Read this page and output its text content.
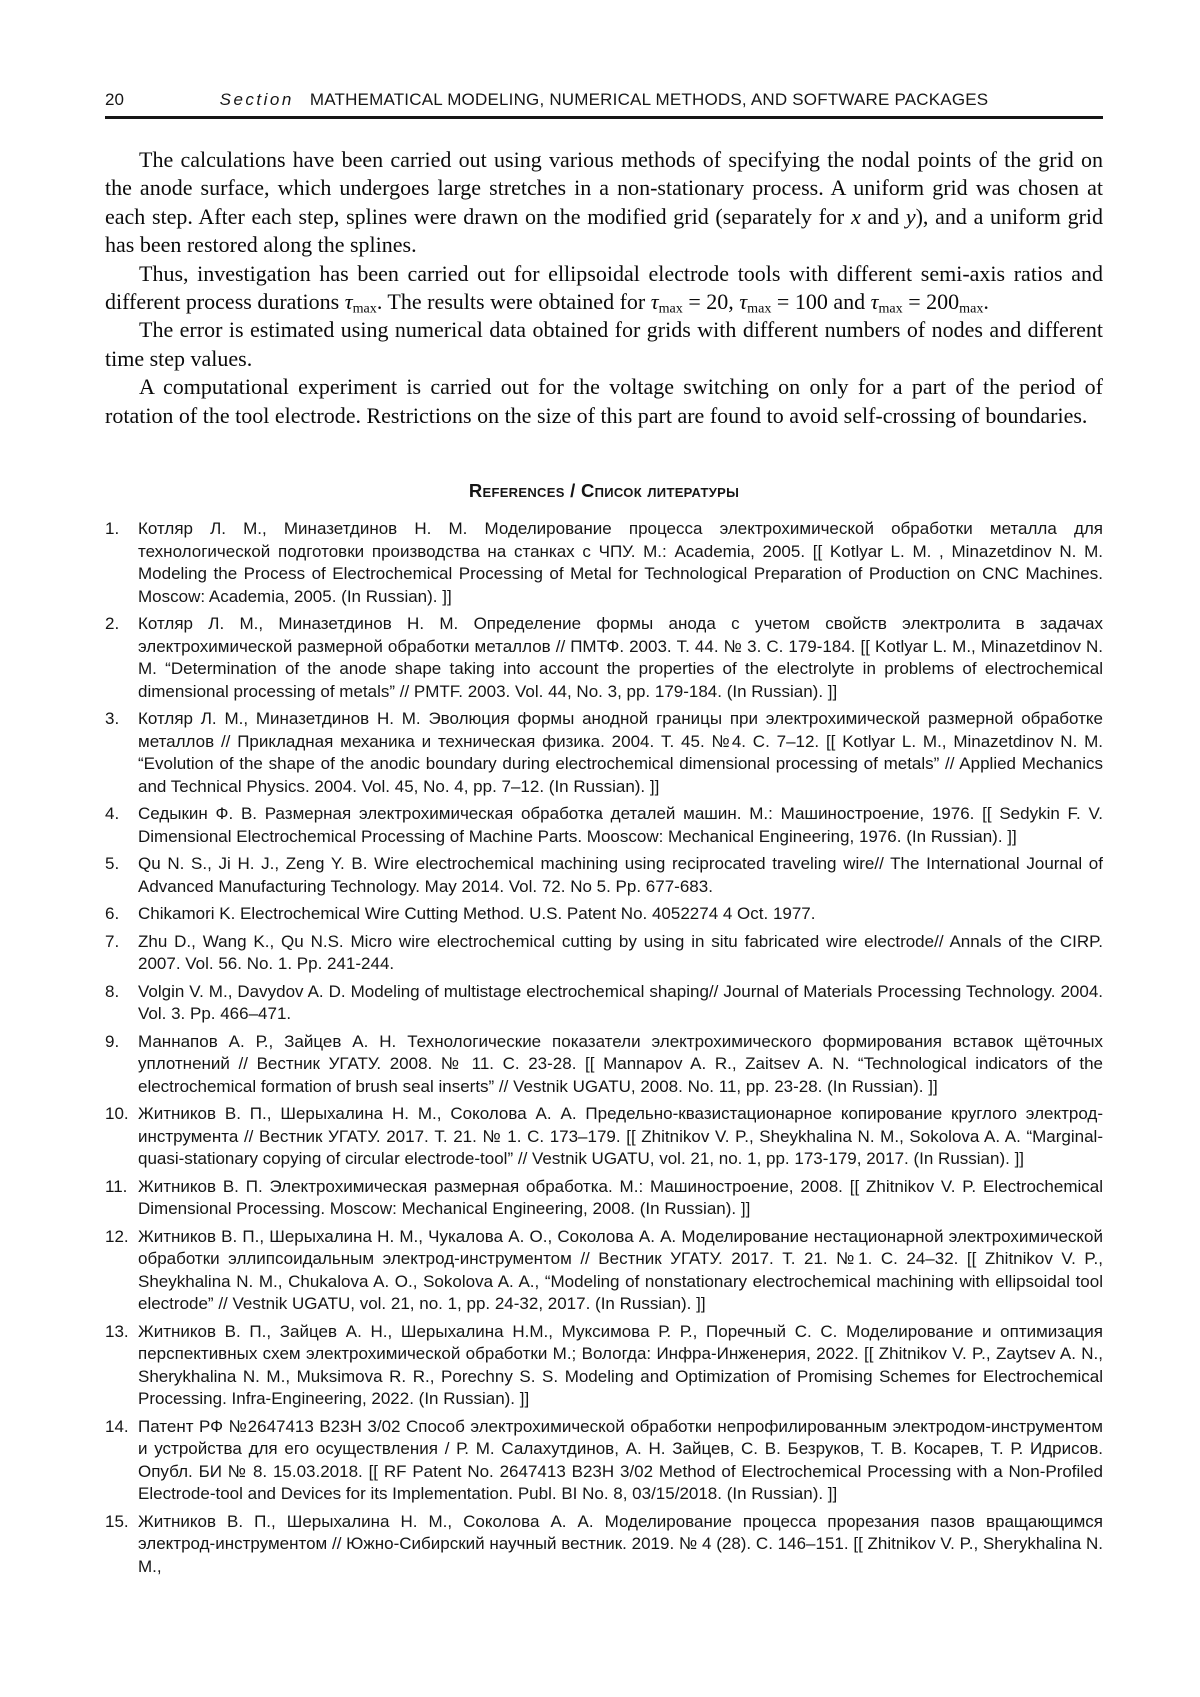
20	Section MATHEMATICAL MODELING, NUMERICAL METHODS, AND SOFTWARE PACKAGES

The calculations have been carried out using various methods of specifying the nodal points of the grid on the anode surface, which undergoes large stretches in a non-stationary process. A uniform grid was chosen at each step. After each step, splines were drawn on the modified grid (separately for x and y), and a uniform grid has been restored along the splines.

Thus, investigation has been carried out for ellipsoidal electrode tools with different semi-axis ratios and different process durations $\tau_{max}$. The results were obtained for $\tau_{max} = 20$, $\tau_{max} = 100$ and $\tau_{max} = 200_{max}$.

The error is estimated using numerical data obtained for grids with different numbers of nodes and different time step values.

A computational experiment is carried out for the voltage switching on only for a part of the period of rotation of the tool electrode. Restrictions on the size of this part are found to avoid self-crossing of boundaries.

References / Список литературы
1.	Котляр Л. М., Миназетдинов Н. М. Моделирование процесса электрохимической обработки металла для технологической подготовки производства на станках с ЧПУ. М.: Academia, 2005. [[ Kotlyar L. M. , Minazetdinov N. M. Modeling the Process of Electrochemical Processing of Metal for Technological Preparation of Production on CNC Machines. Moscow: Academia, 2005. (In Russian). ]]
2.	Котляр Л. М., Миназетдинов Н. М. Определение формы анода с учетом свойств электролита в задачах электрохимической размерной обработки металлов // ПМТФ. 2003. Т. 44. № 3. С. 179-184. [[ Kotlyar L. M., Minazetdinov N. M. “Determination of the anode shape taking into account the properties of the electrolyte in problems of electrochemical dimensional processing of metals” // PMTF. 2003. Vol. 44, No. 3, pp. 179-184. (In Russian). ]]
3.	Котляр Л. М., Миназетдинов Н. М. Эволюция формы анодной границы при электрохимической размерной обработке металлов // Прикладная механика и техническая физика. 2004. Т. 45. №4. С. 7–12. [[ Kotlyar L. M., Minazetdinov N. M. “Evolution of the shape of the anodic boundary during electrochemical dimensional processing of metals” // Applied Mechanics and Technical Physics. 2004. Vol. 45, No. 4, pp. 7–12. (In Russian). ]]
4.	Седыкин Ф. В. Размерная электрохимическая обработка деталей машин. М.: Машиностроение, 1976. [[ Sedykin F. V. Dimensional Electrochemical Processing of Machine Parts. Mooscow: Mechanical Engineering, 1976. (In Russian). ]]
5.	Qu N. S., Ji H. J., Zeng Y. B. Wire electrochemical machining using reciprocated traveling wire// The International Journal of Advanced Manufacturing Technology. May 2014. Vol. 72. No 5. Pp. 677-683.
6.	Chikamori K. Electrochemical Wire Cutting Method. U.S. Patent No. 4052274 4 Oct. 1977.
7.	Zhu D., Wang K., Qu N.S. Micro wire electrochemical cutting by using in situ fabricated wire electrode// Annals of the CIRP. 2007. Vol. 56. No. 1. Pp. 241-244.
8.	Volgin V. M., Davydov A. D. Modeling of multistage electrochemical shaping// Journal of Materials Processing Technology. 2004. Vol. 3. Pp. 466–471.
9.	Маннапов А. Р., Зайцев А. Н. Технологические показатели электрохимического формирования вставок щёточных уплотнений // Вестник УГАТУ. 2008. № 11. С. 23-28. [[ Mannapov A. R., Zaitsev A. N. “Technological indicators of the electrochemical formation of brush seal inserts” // Vestnik UGATU, 2008. No. 11, pp. 23-28. (In Russian). ]]
10. Житников В. П., Шерыхалина Н. М., Соколова А. А. Предельно-квазистационарное копирование круглого электрод-инструмента // Вестник УГАТУ. 2017. Т. 21. № 1. С. 173–179. [[ Zhitnikov V. P., Sheykhalina N. M., Sokolova A. A. “Marginal-quasi-stationary copying of circular electrode-tool” // Vestnik UGATU, vol. 21, no. 1, pp. 173-179, 2017. (In Russian). ]]
11. Житников В. П. Электрохимическая размерная обработка. М.: Машиностроение, 2008. [[ Zhitnikov V. P. Electrochemical Dimensional Processing. Moscow: Mechanical Engineering, 2008. (In Russian). ]]
12. Житников В. П., Шерыхалина Н. М., Чукалова А. О., Соколова А. А. Моделирование нестационарной электрохимической обработки эллипсоидальным электрод-инструментом // Вестник УГАТУ. 2017. Т. 21. №1. С. 24–32. [[ Zhitnikov V. P., Sheykhalina N. M., Chukalova A. O., Sokolova A. A., “Modeling of nonstationary electrochemical machining with ellipsoidal tool electrode” // Vestnik UGATU, vol. 21, no. 1, pp. 24-32, 2017. (In Russian). ]]
13. Житников В. П., Зайцев А. Н., Шерыхалина Н.М., Муксимова Р. Р., Поречный С. С. Моделирование и оптимизация перспективных схем электрохимической обработки М.; Вологда: Инфра-Инженерия, 2022. [[ Zhitnikov V. P., Zaytsev A. N., Sherykhalina N. M., Muksimova R. R., Porechny S. S. Modeling and Optimization of Promising Schemes for Electrochemical Processing. Infra-Engineering, 2022. (In Russian). ]]
14. Патент РФ №2647413 B23H 3/02 Способ электрохимической обработки непрофилированным электродом-инструментом и устройства для его осуществления / Р. М. Салахутдинов, А. Н. Зайцев, С. В. Безруков, Т. В. Косарев, Т. Р. Идрисов. Опубл. БИ № 8. 15.03.2018. [[ RF Patent No. 2647413 B23H 3/02 Method of Electrochemical Processing with a Non-Profiled Electrode-tool and Devices for its Implementation. Publ. BI No. 8, 03/15/2018. (In Russian). ]]
15. Житников В. П., Шерыхалина Н. М., Соколова А. А. Моделирование процесса прорезания пазов вращающимся электрод-инструментом // Южно-Сибирский научный вестник. 2019. № 4 (28). С. 146–151. [[ Zhitnikov V. P., Sherykhalina N. M.,
